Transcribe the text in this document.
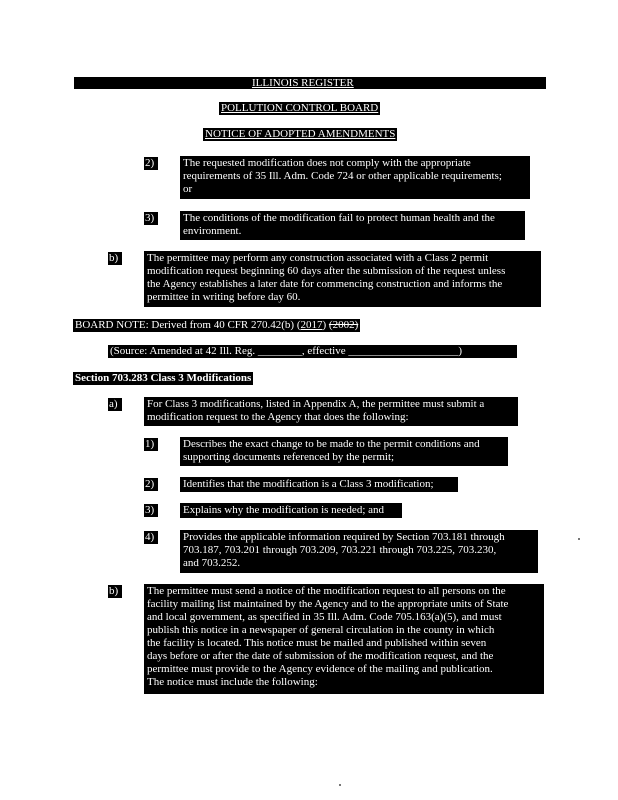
ILLINOIS REGISTER
POLLUTION CONTROL BOARD
NOTICE OF ADOPTED AMENDMENTS
2)	The requested modification does not comply with the appropriate
requirements of 35 Ill. Adm. Code 724 or other applicable requirements;
or
3)	The conditions of the modification fail to protect human health and the
environment.
b)	The permittee may perform any construction associated with a Class 2 permit
modification request beginning 60 days after the submission of the request unless
the Agency establishes a later date for commencing construction and informs the
permittee in writing before day 60.
BOARD NOTE: Derived from 40 CFR 270.42(b) (2017) (2002)
(Source: Amended at 42 Ill. Reg. ________, effective ____________________)
Section 703.283 Class 3 Modifications
a)	For Class 3 modifications, listed in Appendix A, the permittee must submit a
modification request to the Agency that does the following:
1)	Describes the exact change to be made to the permit conditions and
supporting documents referenced by the permit;
2)	Identifies that the modification is a Class 3 modification;
3)	Explains why the modification is needed; and
4)	Provides the applicable information required by Section 703.181 through
703.187, 703.201 through 703.209, 703.221 through 703.225, 703.230,
and 703.252.
b)	The permittee must send a notice of the modification request to all persons on the
facility mailing list maintained by the Agency and to the appropriate units of State
and local government, as specified in 35 Ill. Adm. Code 705.163(a)(5), and must
publish this notice in a newspaper of general circulation in the county in which
the facility is located. This notice must be mailed and published within seven
days before or after the date of submission of the modification request, and the
permittee must provide to the Agency evidence of the mailing and publication.
The notice must include the following:
